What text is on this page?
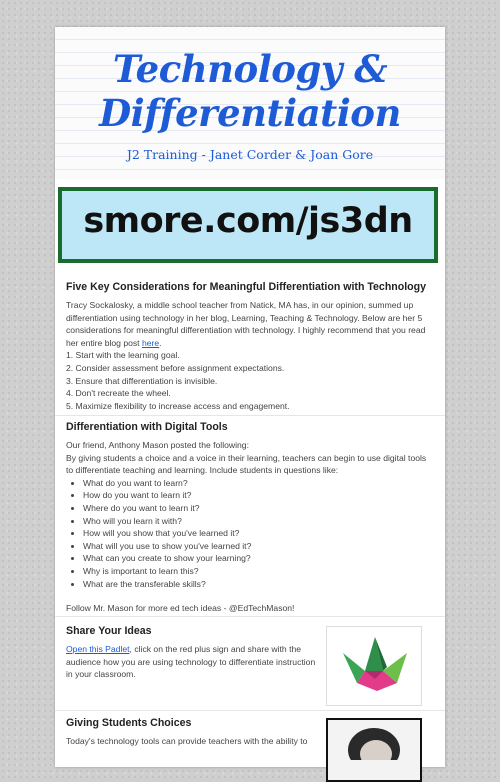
Technology &
Differentiation
J2 Training - Janet Corder & Joan Gore
Five Key Considerations for Meaningful Differentiation with Technology

Tracy Sockalosky, a middle school teacher from Natick, MA has, in our opinion, summed up differentiation using technology in her blog, Learning, Teaching & Technology. Below are her 5 considerations for meaningful differentiation with technology. I highly recommend that you read her entire blog post here.

1. Start with the learning goal.

2. Consider assessment before assignment expectations.

3. Ensure that differentiation is invisible.

4. Don't recreate the wheel.

5. Maximize flexibility to increase access and engagement.

Differentiation with Digital Tools

Our friend, Anthony Mason posted the following:

By giving students a choice and a voice in their learning, teachers can begin to use digital tools to differentiate teaching and learning. Include students in questions like:

• What do you want to learn?
• How do you want to learn it?
• Where do you want to learn it?
• Who will you learn it with?
• How will you show that you've learned it?
• What will you use to show you've learned it?
• What can you create to show your learning?
• Why is important to learn this?
• What are the transferable skills?

Follow Mr. Mason for more ed tech ideas - @EdTechMason!

Share Your Ideas

Open this Padlet, click on the red plus sign and share with the audience how you are using technology to differentiate instruction in your classroom.

Giving Students Choices

Today's technology tools can provide teachers with the ability to

smore.com/js3dn
